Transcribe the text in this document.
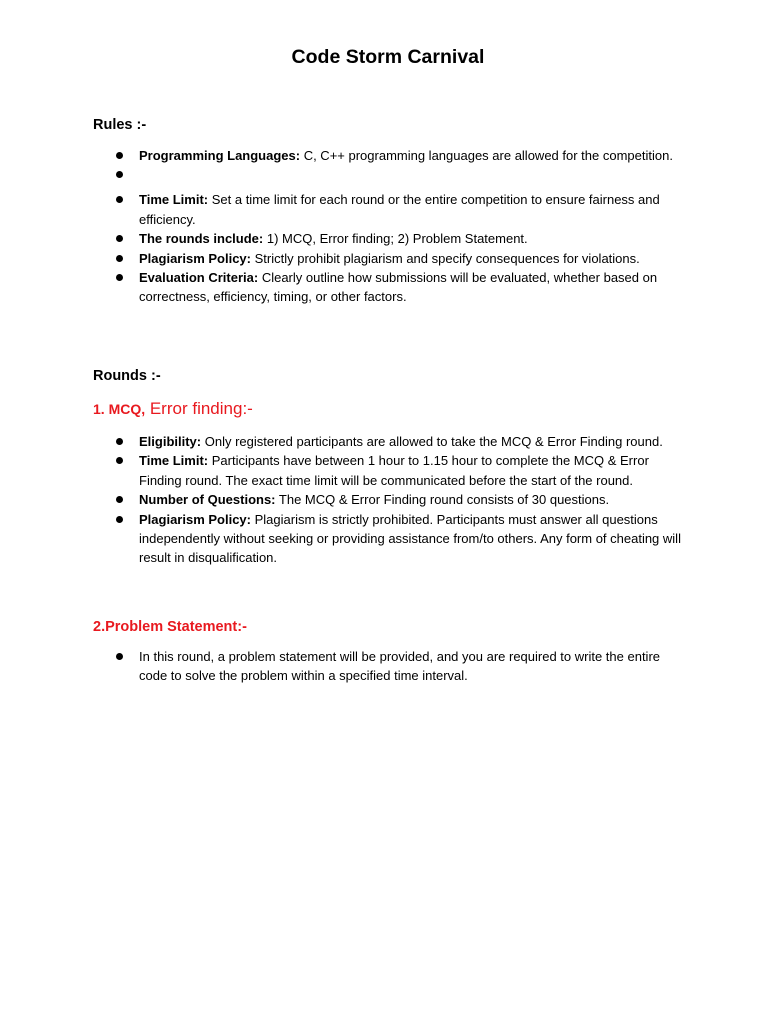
Code Storm Carnival
Rules :-
Programming Languages: C, C++ programming languages are allowed for the competition.
Time Limit: Set a time limit for each round or the entire competition to ensure fairness and efficiency.
The rounds include: 1) MCQ, Error finding; 2) Problem Statement.
Plagiarism Policy: Strictly prohibit plagiarism and specify consequences for violations.
Evaluation Criteria: Clearly outline how submissions will be evaluated, whether based on correctness, efficiency, timing, or other factors.
Rounds :-
1. MCQ, Error finding:-
Eligibility: Only registered participants are allowed to take the MCQ & Error Finding round.
Time Limit: Participants have between 1 hour to 1.15 hour to complete the MCQ & Error Finding round. The exact time limit will be communicated before the start of the round.
Number of Questions: The MCQ & Error Finding round consists of 30 questions.
Plagiarism Policy: Plagiarism is strictly prohibited. Participants must answer all questions independently without seeking or providing assistance from/to others. Any form of cheating will result in disqualification.
2.Problem Statement:-
In this round, a problem statement will be provided, and you are required to write the entire code to solve the problem within a specified time interval.
